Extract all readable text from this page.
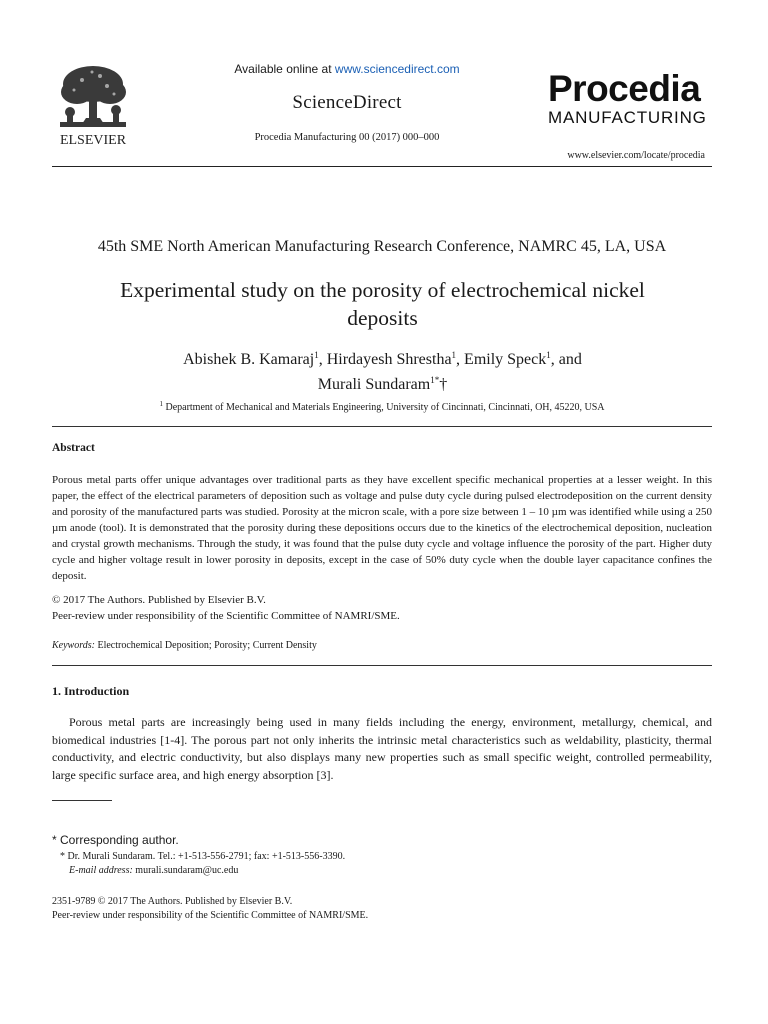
ELSEVIER
Available online at www.sciencedirect.com
ScienceDirect
Procedia Manufacturing 00 (2017) 000–000
Procedia
MANUFACTURING
www.elsevier.com/locate/procedia
45th SME North American Manufacturing Research Conference, NAMRC 45, LA, USA
Experimental study on the porosity of electrochemical nickel
deposits
Abishek B. Kamaraj$^1$, Hirdayesh Shrestha$^1$, Emily Speck$^1$, and
Murali Sundaram$^{1*}$†
$^1$ Department of Mechanical and Materials Engineering, University of Cincinnati, Cincinnati, OH, 45220, USA
Abstract
Porous metal parts offer unique advantages over traditional parts as they have excellent specific mechanical properties at a lesser weight. In this paper, the effect of the electrical parameters of deposition such as voltage and pulse duty cycle during pulsed electrodeposition on the current density and porosity of the manufactured parts was studied. Porosity at the micron scale, with a pore size between 1 – 10 µm was identified while using a 250 µm anode (tool). It is demonstrated that the porosity during these depositions occurs due to the kinetics of the electrochemical deposition, nucleation and crystal growth mechanisms. Through the study, it was found that the pulse duty cycle and voltage influence the porosity of the part. Higher duty cycle and higher voltage result in lower porosity in deposits, except in the case of 50% duty cycle when the double layer capacitance confines the deposit.
© 2017 The Authors. Published by Elsevier B.V.
Peer-review under responsibility of the Scientific Committee of NAMRI/SME.
Keywords: Electrochemical Deposition; Porosity; Current Density
1. Introduction
Porous metal parts are increasingly being used in many fields including the energy, environment, metallurgy, chemical, and biomedical industries [1-4]. The porous part not only inherits the intrinsic metal characteristics such as weldability, plasticity, thermal conductivity, and electric conductivity, but also displays many new properties such as small specific weight, controlled permeability, large specific surface area, and high energy absorption [3].
* Corresponding author.
* Dr. Murali Sundaram. Tel.: +1-513-556-2791; fax: +1-513-556-3390.
E-mail address: murali.sundaram@uc.edu
2351-9789 © 2017 The Authors. Published by Elsevier B.V.
Peer-review under responsibility of the Scientific Committee of NAMRI/SME.
